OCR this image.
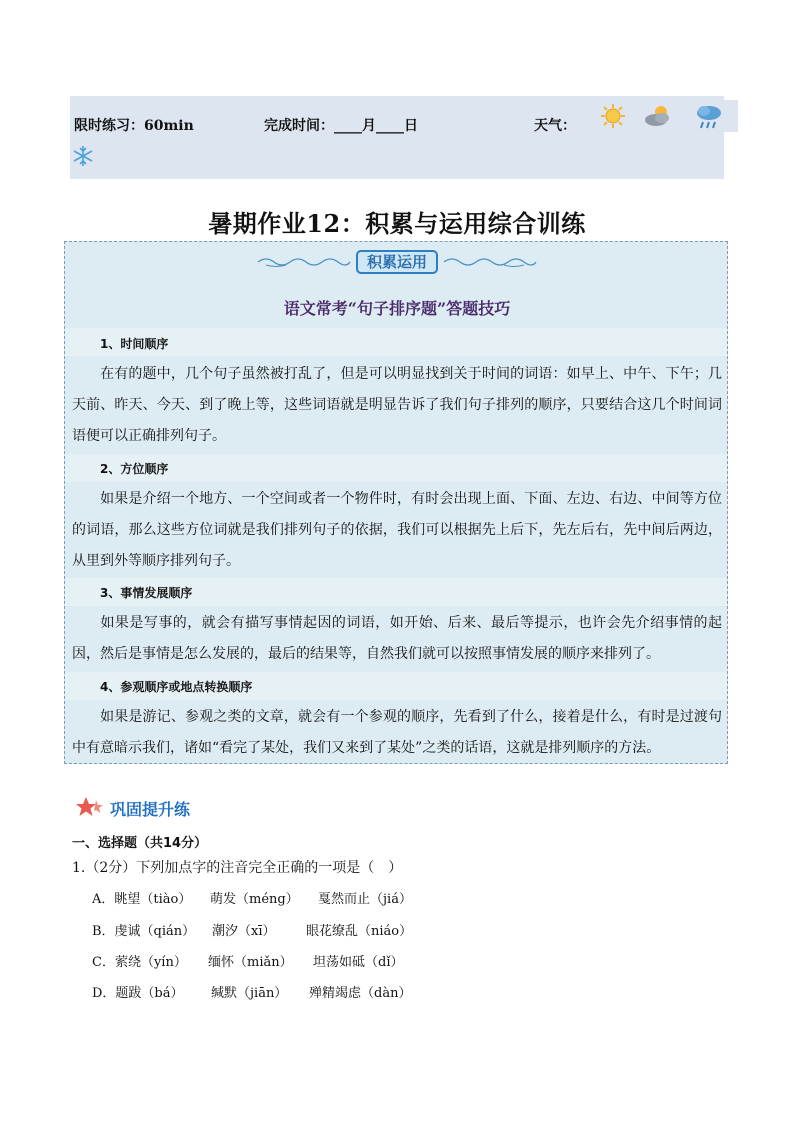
限时练习：60min	完成时间：____月____日	天气：
暑期作业12：积累与运用综合训练
积累运用
语文常考“句子排序题”答题技巧
1、时间顺序
在有的题中，几个句子虽然被打乱了，但是可以明显找到关于时间的词语：如早上、中午、下午；几天前、昨天、今天、到了晚上等，这些词语就是明显告诉了我们句子排列的顺序，只要结合这几个时间词语便可以正确排列句子。
2、方位顺序
如果是介绍一个地方、一个空间或者一个物件时，有时会出现上面、下面、左边、右边、中间等方位的词语，那么这些方位词就是我们排列句子的依据，我们可以根据先上后下，先左后右，先中间后两边，从里到外等顺序排列句子。
3、事情发展顺序
如果是写事的，就会有描写事情起因的词语，如开始、后来、最后等提示，也许会先介绍事情的起因，然后是事情是怎么发展的，最后的结果等，自然我们就可以按照事情发展的顺序来排列了。
4、参观顺序或地点转换顺序
如果是游记、参观之类的文章，就会有一个参观的顺序，先看到了什么，接着是什么，有时是过渡句中有意暗示我们，诸如“看完了某处，我们又来到了某处”之类的话语，这就是排列顺序的方法。
巩固提升练
一、选择题（共14分）
1.（2分）下列加点字的注音完全正确的一项是（　）
A．眺望（tiào） 萌发（méng） 戛然而止（jiá）
B．虔诚（qián） 潮汐（xī） 眼花缭乱（niáo）
C．萦绕（yín） 缅怀（miǎn） 坦荡如砥（dǐ）
D．题跋（bá） 缄默（jiān） 殚精竭虑（dàn）
